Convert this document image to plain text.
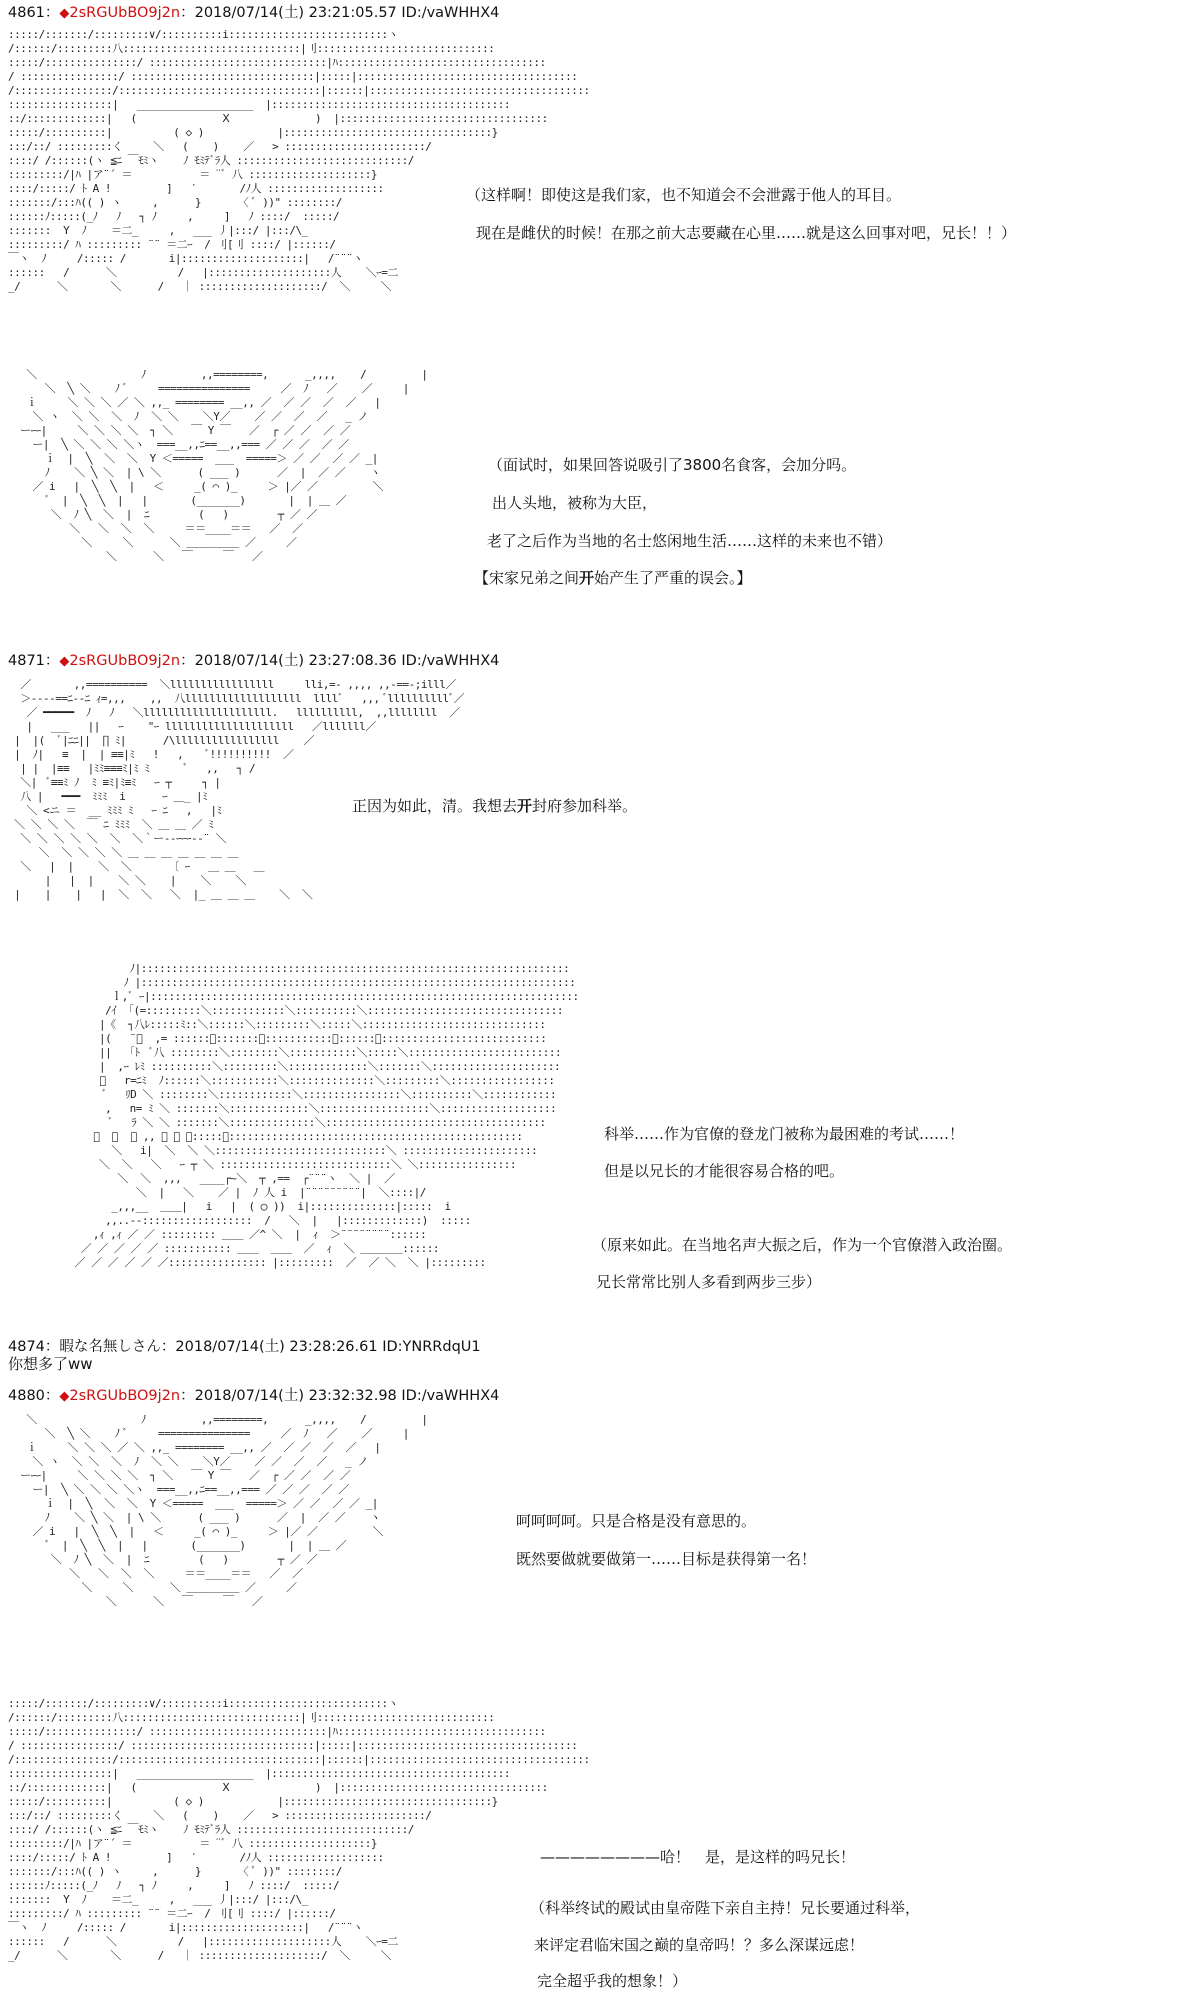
4861：◆2sRGUbBO9j2n：2018/07/14(土) 23:21:05.57 ID:/vaWHHX4
:::::/:::::::/:::::::::∨/::::::::::i::::::::::::::::::::::::::ヽ
/::::::/:::::::::八:::::::::::::::::::::::::::::|刂:::::::::::::::::::::::::::::
:::::/:::::::::::::::/ :::::::::::::::::::::::::::::|ﾊ::::::::::::::::::::::::::::::::::
/ ::::::::::::::::/ ::::::::::::::::::::::::::::::|:::::|::::::::::::::::::::::::::::::::::::
/::::::::::::::::/:::::::::::::::::::::::::::::::::|::::::|::::::::::::::::::::::::::::::::::::
:::::::::::::::::|   ___________________  |:::::::::::::::::::::::::::::::::::::::
::/:::::::::::::|   (              Ⅹ              )  |::::::::::::::::::::::::::::::::::
:::::/::::::::::|          ( ◇ )            |::::::::::::::::::::::::::::::::::}
:::/::/ :::::::::く     ＼   (    )    ／   > :::::::::::::::::::::::/
::::/ /::::::(ヽ ≦ﾆ ￣ﾓﾐヽ    ﾉ ﾓﾐﾃﾞﾗ人 ::::::::::::::::::::::::::::/
:::::::::/|ﾊ |ア¨´ ＝           ＝ ¨ﾞ 八 ::::::::::::::::::::}
::::/:::::/ ﾄ A !         ]   ′       /ﾉ人 :::::::::::::::::::
:::::::/:::ﾊ(( ) ヽ     ,      }      〈 ﾞ ))" ::::::::/
::::::ﾉ:::::(_ﾉ   ﾉ   ┐ ﾉ     ,     ]   ﾉ ::::/  :::::/
:::::::  Y  ﾉ    ＝二_     ,   ___ 丿|:::/ |:::/\_
:::::::::/ ﾊ ::::::::: ¨¨ ＝二ｰ  / 刂[刂 ::::/ |::::::/
￣ヽ  ﾉ     /::::: /       i|::::::::::::::::::::|   /¨¨¨ヽ
::::::   /      ＼          /   |::::::::::::::::::::人    ＼ｰ=二
_/      ＼       ＼      /   ｜ ::::::::::::::::::::/  ＼     ＼
（这样啊！即使这是我们家，也不知道会不会泄露于他人的耳目。
现在是雌伏的时候！在那之前大志要藏在心里……就是这么回事对吧，兄长！！）
＼                 ﾉ         ,,========,      _,,,,    /         |
＼  ╲ ＼    ﾉ ﾞ     ===============     ／  ﾉ   ／    ／     |
ｉ     ＼ ＼ ＼ ／ ＼ ,,_ ======== __,, ／  ／ ／  ／  ／   |
＼ ヽ  ＼ ＼  ＼  ﾉ  ＼ ＼    ＼Y／    ／ ／  ／  ／   _ ノ
ーｰｰ|     ＼ ＼ ＼ ＼  ┐ ＼   ￣ Y ￣   ／  ┌ ／ ／  ／ ／
ー|  ╲ ＼ ＼ ＼ ＼ヽ  ===__,,ﾆ==__,,=== ／ ／ ／  ／ ／
ｉ  |  ╲  ＼  ＼  Y ＜=====  ___  =====＞ ／ ／  ／ ／ _|
ﾉ    ＼ ╲ ＼  | \ ＼      ( ___ )      ／  |  ／ ／    ヽ
／ i   |  ╲  ╲  |   ＜     _( ⌒ )_     ＞ |／ ／         ＼
ﾞ  |  ╲  ╲  |   |       (_______)       |  | ＿ ／
＼  ﾉ ╲  ＼  |  ﾆ        (   )        ┬ ／ ／
＼   ＼  ＼  ＼     ＝＝____＝＝   ／  ／
＼     ＼      ＼ ＿＿＿＿＿ ／     ／
＼      ＼   ￣     ￣   ／
（面试时，如果回答说吸引了3800名食客，会加分吗。
出人头地，被称为大臣，
老了之后作为当地的名士悠闲地生活……这样的未来也不错）
【宋家兄弟之间开始产生了严重的误会。】
4871：◆2sRGUbBO9j2n：2018/07/14(土) 23:27:08.36 ID:/vaWHHX4
／       ,,==========  ＼lllllllllllllllll     lli,=- ,,,, ,,-==-;illl／
＞----==ﾆ--ﾆ ｨ=,,,    ,,  八lllllllllllllllllll  llllﾞ   ,,, ﾞllllllllllﾞ／
／ ━━━━━  ﾉ   ﾉ   ＼lllllllllllllllllllll.   llllllllll,  ,,llllllll  ／
|   ___   ||   ｰ    "ｰ lllllllllllllllllllll   ／lllllll／
|  |(  ﾞ|ﾆﾆ||  ∏ ﾐ|      /\lllllllllllllllll    ／
|  ﾉ|   ≡  |  | ≡≡|ﾐ   !   ,    ﾞ!!!!!!!!!!  ／
| |  |≡≡   |ﾐﾐ≡≡≡ﾐ|ﾐ ﾐ      ﾞ   ,,   ┐ /
＼|  ﾞ≡≡ﾐ ﾉ  ﾐ ≡ﾐ|ﾐ≡ﾐ   ｰ ┬     ┐ |
八 |   ━━━  ﾐﾐﾐ  i      ｰ ＿_ |ﾐ
＼ <ニ ＝  __ ﾐﾐﾐ ﾐ   ｰ ﾆ   ,   |ﾐ
＼ ＼ ＼ ＼  ￣ ﾆ ﾐﾐﾐ  ＼ ＿ ＿ ／ ﾐ
＼ ＼ ＼ ＼ ＼  ＼  ＼｀ー--ｰｰｰ--¨ ＼
＼  ＼ ＼ ＼ ＼ ＿ ＿ ＿ ＿ ＿ ＿ ＿
＼   |  |    ＼  ＼      〔 ｰ   ＿ ＿   ＿
|   |  |    ＼ ＼    |    ＼    ＼
|    |    |   |  ＼  ＼   ＼  |_ ＿ ＿ ＿    ＼  ＼
正因为如此，清。我想去开封府参加科举。
ﾉ|::::::::::::::::::::::::::::::::::::::::::::::::::::::::::::::::::::::
ﾉ |:::::::::::::::::::::::::::::::::::::::::::::::::::::::::::::::::::::::
ｌ,ﾞ ｰ|::::::::::::::::::::::::::::::::::::::::::::::::::::::::::::::::::::::
/ｲ  ｢(=:::::::::＼::::::::::::＼::::::::::＼::::::::::::::::::::::::::::::::
|《  ┐八ﾚ:::::ﾐ::＼::::::＼:::::::::＼:::::＼::::::::::::::::::::::::::::::
|(   ¨ﾞ  ,= ::::::＼:::::::＼:::::::::::＼::::::＼:::::::::::::::::::::::::::
||   ｢ﾄ  ﾞ八 ::::::::＼::::::::＼:::::::::::＼:::::＼:::::::::::::::::::::::::
|  ,ｰ ﾚﾐ ::::::::::＼:::::::::＼:::::::::::::＼:::::::＼:::::::::::::::::::::
ﾞ   r=ﾆﾐ  ﾉ::::::＼:::::::::::＼::::::::::::::＼:::::::::＼:::::::::::::::::
ﾞ   ﾘD ＼ ::::::::＼::::::::::::＼::::::::::::::::＼::::::::::＼::::::::::::
,   n= ﾐ ＼ :::::::＼:::::::::::::＼::::::::::::::::::＼:::::::::::::::::::
ﾞ   ﾗ ＼ ＼ :::::::＼::::::::::::::＼::::::::::::::::::::::::::::::::::::
ﾞ  ､  ﾞ ,, ＼ ＼ ＼:::::＼::::::::::::::::::::::::::::::::::::::::::::::::
＼   i|  ＼  ＼ ＼::::::::::::::::::::::::::::＼ ::::::::::::::::::::::
＼  ＼   ＼   ｰ ┬ ＼ ::::::::::::::::::::::::::::＼ ＼::::::::::::::::
＼  ＼  ,,,   ____┌~＼  ┬ ,==  ┌¨¨¨ヽ  ＼ |  ／
＼  |   ＼    ／ |  ﾉ 人 i  |¨¨¨¨¨¨¨¨¨|  ＼::::|/
_,,,__  ＿＿|   i   |  ( ◯ ))  i|::::::::::::::|:::::  i
,,..--::::::::::::::::::  /   ＼  |   |:::::::::::::)  :::::
,ｨ ,ｨ ／ ／ ::::::::: ＿＿ ／^ ＼  |  ｨ  ＞¨¨¨¨¨¨¨¨::::::
／ ／ ／ ／ ／ ::::::::::: ＿＿  ＿＿  ／  ｨ  ＼ ＿＿＿＿::::::
／ ／ ／ ／ ／ ／:::::::::::::::: |:::::::::  ／  ／ ＼  ＼ |:::::::::
科举……作为官僚的登龙门被称为最困难的考试……！
但是以兄长的才能很容易合格的吧。
（原来如此。在当地名声大振之后，作为一个官僚潜入政治圈。
兄长常常比别人多看到两步三步）
4874：暇な名無しさん：2018/07/14(土) 23:28:26.61 ID:YNRRdqU1
你想多了ww
4880：◆2sRGUbBO9j2n：2018/07/14(土) 23:32:32.98 ID:/vaWHHX4
＼                 ﾉ         ,,========,      _,,,,    /         |
＼  ╲ ＼    ﾉ ﾞ     ===============     ／  ﾉ   ／    ／     |
ｉ     ＼ ＼ ＼ ／ ＼ ,,_ ======== __,, ／  ／ ／  ／  ／   |
＼ ヽ  ＼ ＼  ＼  ﾉ  ＼ ＼    ＼Y／    ／ ／  ／  ／   _ ノ
ーｰｰ|     ＼ ＼ ＼ ＼  ┐ ＼   ￣ Y ￣   ／  ┌ ／ ／  ／ ／
ー|  ╲ ＼ ＼ ＼ ＼ヽ  ===__,,ﾆ==__,,=== ／ ／ ／  ／ ／
ｉ  |  ╲  ＼  ＼  Y ＜=====  ___  =====＞ ／ ／  ／ ／ _|
ﾉ    ＼ ╲ ＼  | \ ＼      ( ___ )      ／  |  ／ ／    ヽ
／ i   |  ╲  ╲  |   ＜     _( ⌒ )_     ＞ |／ ／         ＼
ﾞ  |  ╲  ╲  |   |       (_______)       |  | ＿ ／
＼  ﾉ ╲  ＼  |  ﾆ        (   )        ┬ ／ ／
＼   ＼  ＼  ＼     ＝＝____＝＝   ／  ／
＼     ＼      ＼ ＿＿＿＿＿ ／     ／
＼      ＼   ￣     ￣   ／
呵呵呵呵。只是合格是没有意思的。
既然要做就要做第一……目标是获得第一名！
:::::/:::::::/:::::::::∨/::::::::::i::::::::::::::::::::::::::ヽ
/::::::/:::::::::八:::::::::::::::::::::::::::::|刂:::::::::::::::::::::::::::::
:::::/:::::::::::::::/ :::::::::::::::::::::::::::::|ﾊ::::::::::::::::::::::::::::::::::
/ ::::::::::::::::/ ::::::::::::::::::::::::::::::|:::::|::::::::::::::::::::::::::::::::::::
/::::::::::::::::/:::::::::::::::::::::::::::::::::|::::::|::::::::::::::::::::::::::::::::::::
:::::::::::::::::|   ___________________  |:::::::::::::::::::::::::::::::::::::::
::/:::::::::::::|   (              Ⅹ              )  |::::::::::::::::::::::::::::::::::
:::::/::::::::::|          ( ◇ )            |::::::::::::::::::::::::::::::::::}
:::/::/ :::::::::く     ＼   (    )    ／   > :::::::::::::::::::::::/
::::/ /::::::(ヽ ≦ﾆ ￣ﾓﾐヽ    ﾉ ﾓﾐﾃﾞﾗ人 ::::::::::::::::::::::::::::/
:::::::::/|ﾊ |ア¨´ ＝           ＝ ¨ﾞ 八 ::::::::::::::::::::}
::::/:::::/ ﾄ A !         ]   ′       /ﾉ人 :::::::::::::::::::
:::::::/:::ﾊ(( ) ヽ     ,      }      〈 ﾞ ))" ::::::::/
::::::ﾉ:::::(_ﾉ   ﾉ   ┐ ﾉ     ,     ]   ﾉ ::::/  :::::/
:::::::  Y  ﾉ    ＝二_     ,   ___ 丿|:::/ |:::/\_
:::::::::/ ﾊ ::::::::: ¨¨ ＝二ｰ  / 刂[刂 ::::/ |::::::/
￣ヽ  ﾉ     /::::: /       i|::::::::::::::::::::|   /¨¨¨ヽ
::::::   /      ＼          /   |::::::::::::::::::::人    ＼ｰ=二
_/      ＼       ＼      /   ｜ ::::::::::::::::::::/  ＼     ＼
————————哈！　是，是这样的吗兄长！
（科举终试的殿试由皇帝陛下亲自主持！兄长要通过科举，
来评定君临宋国之巅的皇帝吗！？多么深谋远虑！
完全超乎我的想象！）
